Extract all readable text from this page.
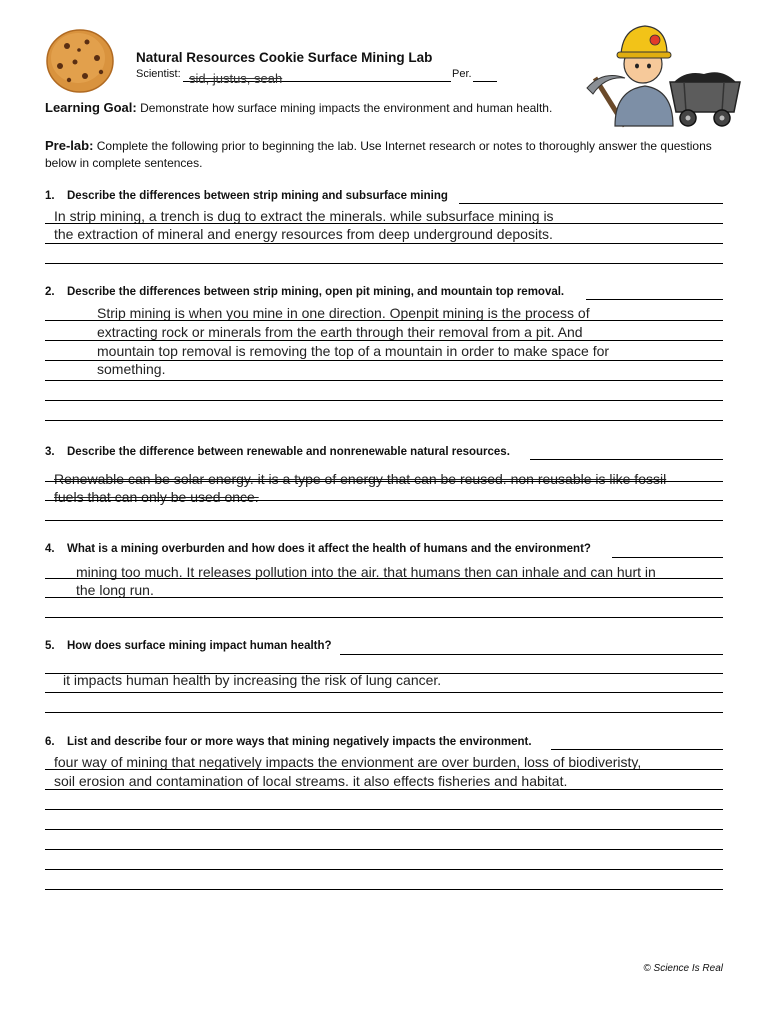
Natural Resources Cookie Surface Mining Lab
Scientist: sid, justus, seah	Per.
Learning Goal: Demonstrate how surface mining impacts the environment and human health.
Pre-lab: Complete the following prior to beginning the lab. Use Internet research or notes to thoroughly answer the questions below in complete sentences.
1. Describe the differences between strip mining and subsurface mining
In strip mining, a trench is dug to extract the minerals. while subsurface mining is
the extraction of mineral and energy resources from deep underground deposits.
2. Describe the differences between strip mining, open pit mining, and mountain top removal.
Strip mining is when you mine in one direction. Openpit mining is the process of
extracting rock or minerals from the earth through their removal from a pit. And
mountain top removal is removing the top of a mountain in order to make space for
something.
3. Describe the difference between renewable and nonrenewable natural resources.
Renewable can be solar energy. it is a type of energy that can be reused. non reusable is like fossil
fuels that can only be used once.
4. What is a mining overburden and how does it affect the health of humans and the environment?
mining too much. It releases pollution into the air. that humans then can inhale and can hurt in
the long run.
5. How does surface mining impact human health?
it impacts human health by increasing the risk of lung cancer.
6. List and describe four or more ways that mining negatively impacts the environment.
four way of mining that negatively impacts the envionment are over burden, loss of biodiveristy,
soil erosion and contamination of local streams. it also effects fisheries and habitat.
© Science Is Real
